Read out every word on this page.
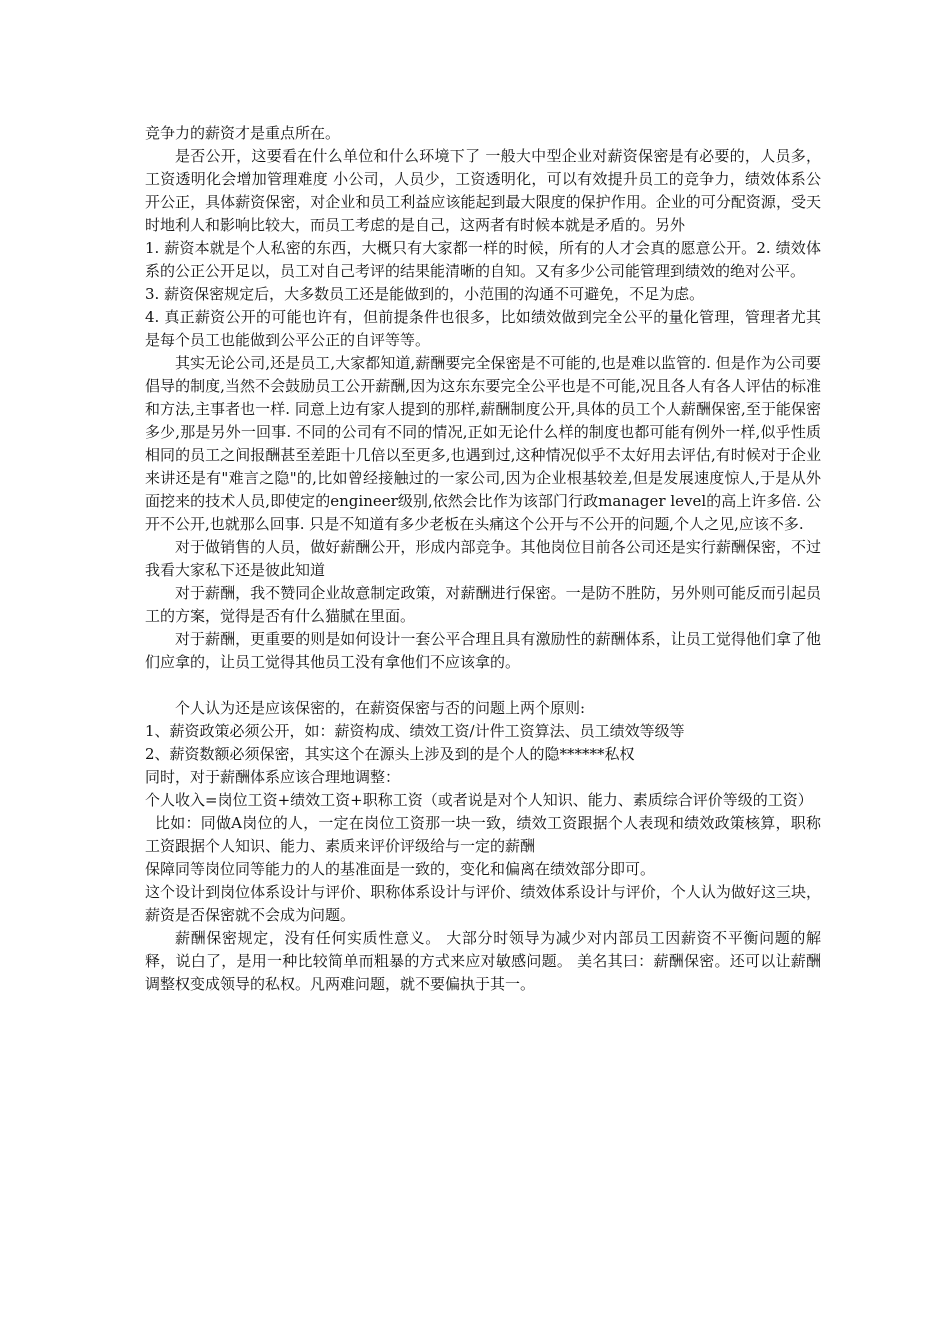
竞争力的薪资才是重点所在。

是否公开，这要看在什么单位和什么环境下了 一般大中型企业对薪资保密是有必要的，人员多，工资透明化会增加管理难度 小公司，人员少，工资透明化，可以有效提升员工的竞争力，绩效体系公开公正，具体薪资保密，对企业和员工利益应该能起到最大限度的保护作用。企业的可分配资源，受天时地利人和影响比较大，而员工考虑的是自己，这两者有时候本就是矛盾的。另外

1. 薪资本就是个人私密的东西，大概只有大家都一样的时候，所有的人才会真的愿意公开。2. 绩效体系的公正公开足以，员工对自己考评的结果能清晰的自知。又有多少公司能管理到绩效的绝对公平。

3. 薪资保密规定后，大多数员工还是能做到的，小范围的沟通不可避免，不足为虑。

4. 真正薪资公开的可能也许有，但前提条件也很多，比如绩效做到完全公平的量化管理，管理者尤其是每个员工也能做到公平公正的自评等等。

其实无论公司,还是员工,大家都知道,薪酬要完全保密是不可能的,也是难以监管的. 但是作为公司要倡导的制度,当然不会鼓励员工公开薪酬,因为这东东要完全公平也是不可能,况且各人有各人评估的标准和方法,主事者也一样. 同意上边有家人提到的那样,薪酬制度公开,具体的员工个人薪酬保密,至于能保密多少,那是另外一回事. 不同的公司有不同的情况,正如无论什么样的制度也都可能有例外一样,似乎性质相同的员工之间报酬甚至差距十几倍以至更多,也遇到过,这种情况似乎不太好用去评估,有时候对于企业来讲还是有"难言之隐"的,比如曾经接触过的一家公司,因为企业根基较差,但是发展速度惊人,于是从外面挖来的技术人员,即使定的engineer级别,依然会比作为该部门行政manager level的高上许多倍. 公开不公开,也就那么回事. 只是不知道有多少老板在头痛这个公开与不公开的问题,个人之见,应该不多.

对于做销售的人员，做好薪酬公开，形成内部竞争。其他岗位目前各公司还是实行薪酬保密，不过我看大家私下还是彼此知道

对于薪酬，我不赞同企业故意制定政策，对薪酬进行保密。一是防不胜防，另外则可能反而引起员工的方案，觉得是否有什么猫腻在里面。

对于薪酬，更重要的则是如何设计一套公平合理且具有激励性的薪酬体系，让员工觉得他们拿了他们应拿的，让员工觉得其他员工没有拿他们不应该拿的。

个人认为还是应该保密的，在薪资保密与否的问题上两个原则:

1、薪资政策必须公开，如：薪资构成、绩效工资/计件工资算法、员工绩效等级等

2、薪资数额必须保密，其实这个在源头上涉及到的是个人的隐******私权

同时，对于薪酬体系应该合理地调整：

个人收入=岗位工资+绩效工资+职称工资（或者说是对个人知识、能力、素质综合评价等级的工资）

比如：同做A岗位的人，一定在岗位工资那一块一致，绩效工资跟据个人表现和绩效政策核算，职称工资跟据个人知识、能力、素质来评价评级给与一定的薪酬

保障同等岗位同等能力的人的基准面是一致的，变化和偏离在绩效部分即可。

这个设计到岗位体系设计与评价、职称体系设计与评价、绩效体系设计与评价，个人认为做好这三块，薪资是否保密就不会成为问题。

薪酬保密规定，没有任何实质性意义。 大部分时领导为减少对内部员工因薪资不平衡问题的解释，说白了，是用一种比较简单而粗暴的方式来应对敏感问题。 美名其曰：薪酬保密。还可以让薪酬调整权变成领导的私权。凡两难问题，就不要偏执于其一。
